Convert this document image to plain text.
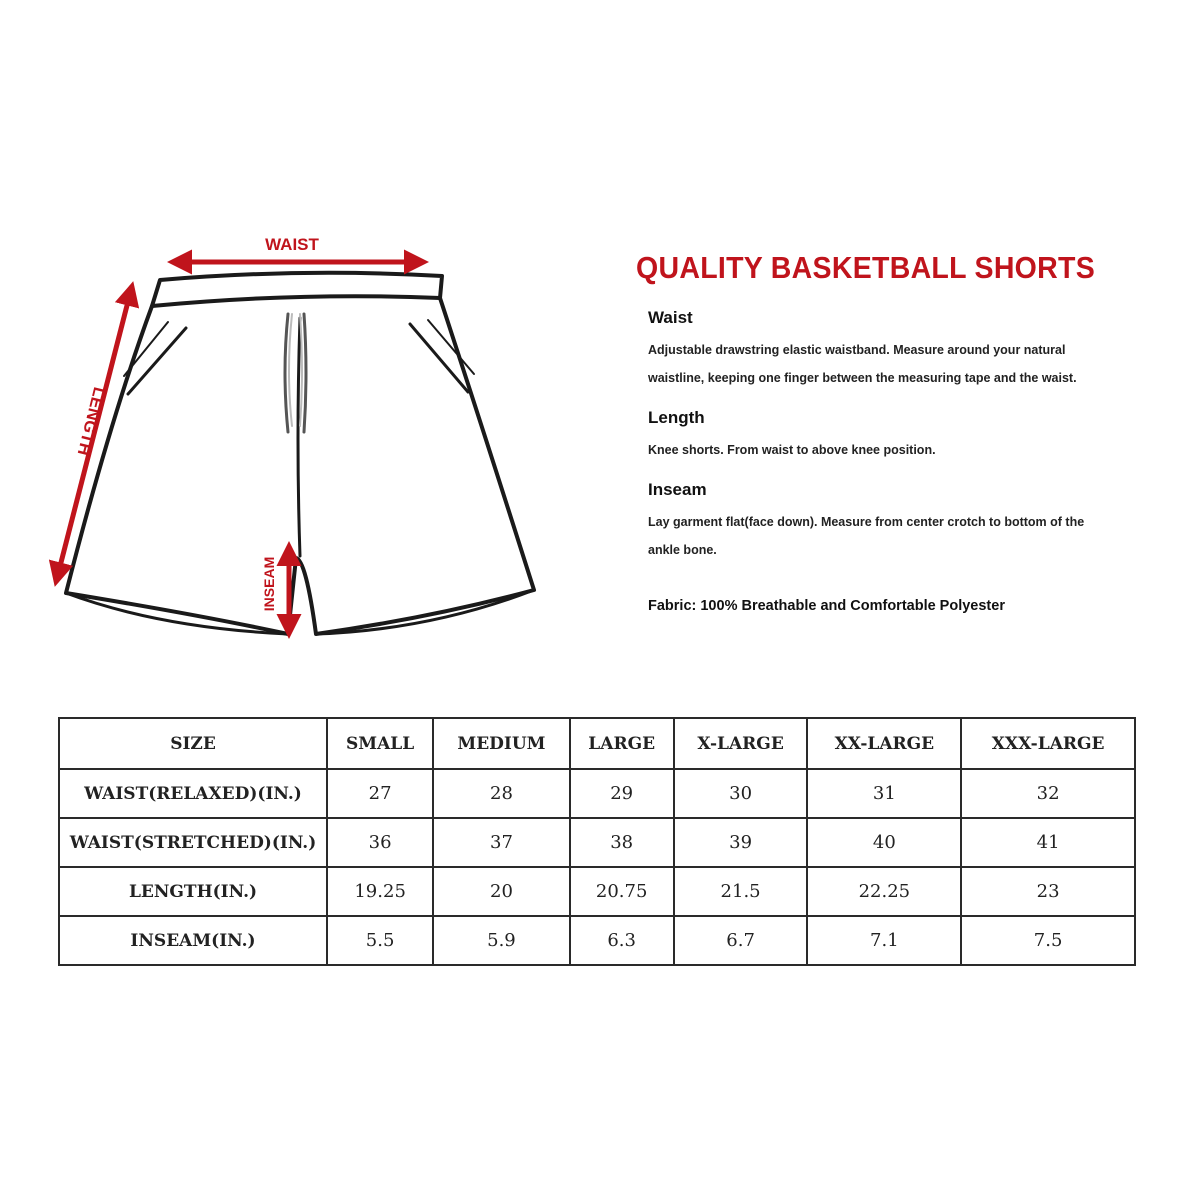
WAIST
LENGTH
INSEAM
QUALITY BASKETBALL SHORTS
Waist
Adjustable drawstring elastic waistband. Measure around your natural waistline, keeping one finger between the measuring tape and the waist.
Length
Knee shorts. From waist to above knee position.
Inseam
Lay garment flat(face down). Measure from center crotch to bottom of the ankle bone.
Fabric: 100% Breathable and Comfortable Polyester
SIZE	SMALL	MEDIUM	LARGE	X-LARGE	XX-LARGE	XXX-LARGE
WAIST(RELAXED)(IN.)	27	28	29	30	31	32
WAIST(STRETCHED)(IN.)	36	37	38	39	40	41
LENGTH(IN.)	19.25	20	20.75	21.5	22.25	23
INSEAM(IN.)	5.5	5.9	6.3	6.7	7.1	7.5
